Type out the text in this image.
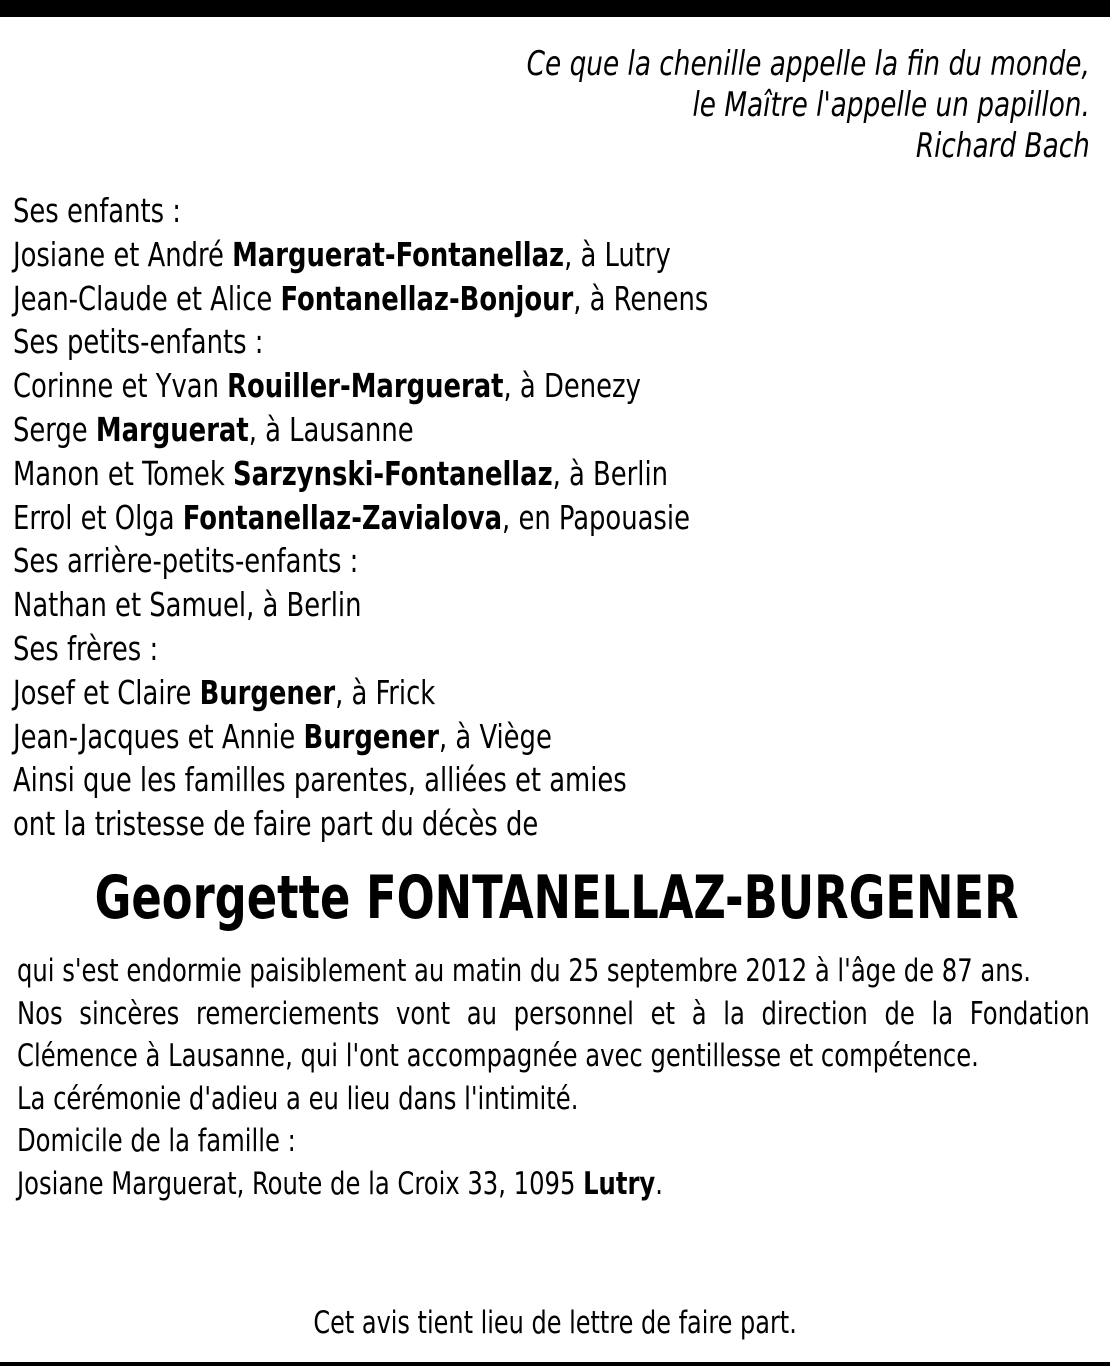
Ce que la chenille appelle la fin du monde,
le Maître l'appelle un papillon.
Richard Bach
Ses enfants :
Josiane et André Marguerat-Fontanellaz, à Lutry
Jean-Claude et Alice Fontanellaz-Bonjour, à Renens
Ses petits-enfants :
Corinne et Yvan Rouiller-Marguerat, à Denezy
Serge Marguerat, à Lausanne
Manon et Tomek Sarzynski-Fontanellaz, à Berlin
Errol et Olga Fontanellaz-Zavialova, en Papouasie
Ses arrière-petits-enfants :
Nathan et Samuel, à Berlin
Ses frères :
Josef et Claire Burgener, à Frick
Jean-Jacques et Annie Burgener, à Viège
Ainsi que les familles parentes, alliées et amies
ont la tristesse de faire part du décès de
Georgette FONTANELLAZ-BURGENER
qui s'est endormie paisiblement au matin du 25 septembre 2012 à l'âge de 87 ans.
Nos sincères remerciements vont au personnel et à la direction de la Fondation Clémence à Lausanne, qui l'ont accompagnée avec gentillesse et compétence.
La cérémonie d'adieu a eu lieu dans l'intimité.
Domicile de la famille :
Josiane Marguerat, Route de la Croix 33, 1095 Lutry.
Cet avis tient lieu de lettre de faire part.
